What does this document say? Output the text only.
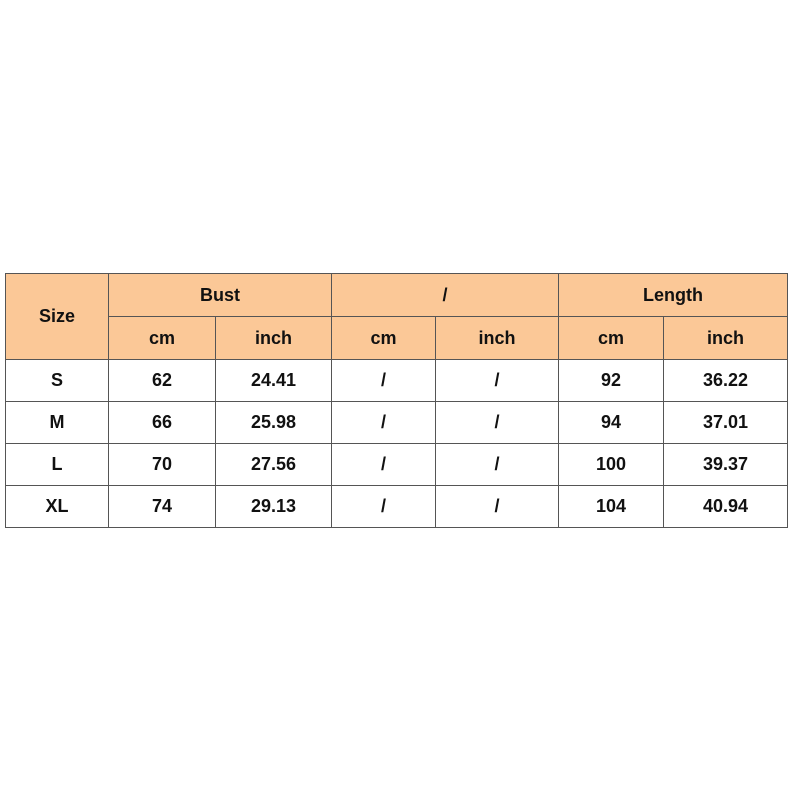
Size	Bust		/		Length	
	cm	inch	cm	inch	cm	inch
S	62	24.41	/	/	92	36.22
M	66	25.98	/	/	94	37.01
L	70	27.56	/	/	100	39.37
XL	74	29.13	/	/	104	40.94
